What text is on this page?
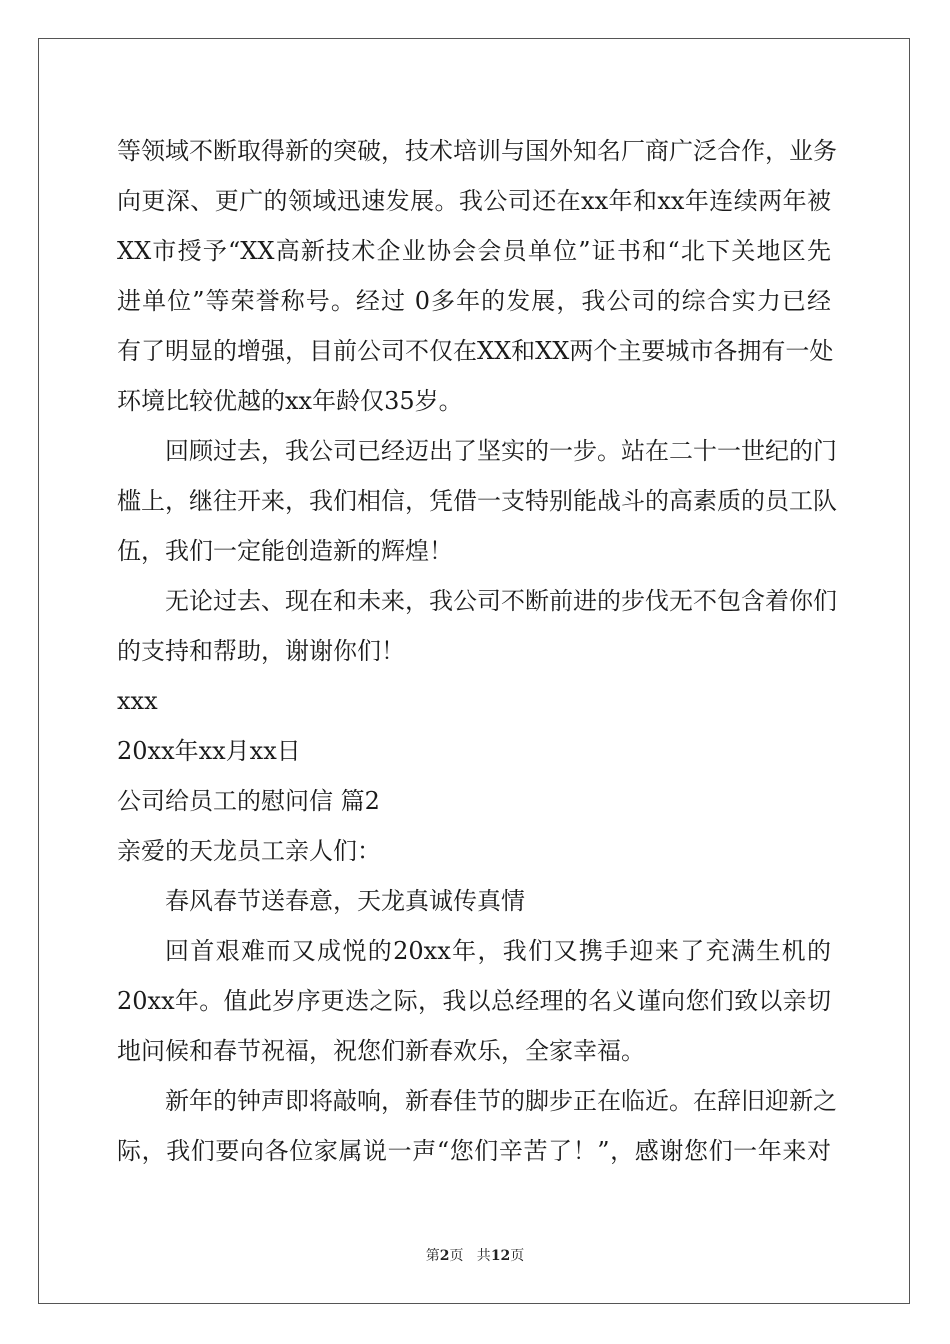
等领域不断取得新的突破，技术培训与国外知名厂商广泛合作，业务
向更深、更广的领域迅速发展。我公司还在xx年和xx年连续两年被
XX市授予“XX高新技术企业协会会员单位”证书和“北下关地区先
进单位”等荣誉称号。经过 0多年的发展，我公司的综合实力已经
有了明显的增强，目前公司不仅在XX和XX两个主要城市各拥有一处
环境比较优越的xx年龄仅35岁。
回顾过去，我公司已经迈出了坚实的一步。站在二十一世纪的门
槛上，继往开来，我们相信，凭借一支特别能战斗的高素质的员工队
伍，我们一定能创造新的辉煌！
无论过去、现在和未来，我公司不断前进的步伐无不包含着你们
的支持和帮助，谢谢你们！
xxx
20xx年xx月xx日
公司给员工的慰问信 篇2
亲爱的天龙员工亲人们：
春风春节送春意，天龙真诚传真情
回首艰难而又成悦的20xx年，我们又携手迎来了充满生机的
20xx年。值此岁序更迭之际，我以总经理的名义谨向您们致以亲切
地问候和春节祝福，祝您们新春欢乐，全家幸福。
新年的钟声即将敲响，新春佳节的脚步正在临近。在辞旧迎新之
际，我们要向各位家属说一声“您们辛苦了！”，感谢您们一年来对
第2页   共12页
